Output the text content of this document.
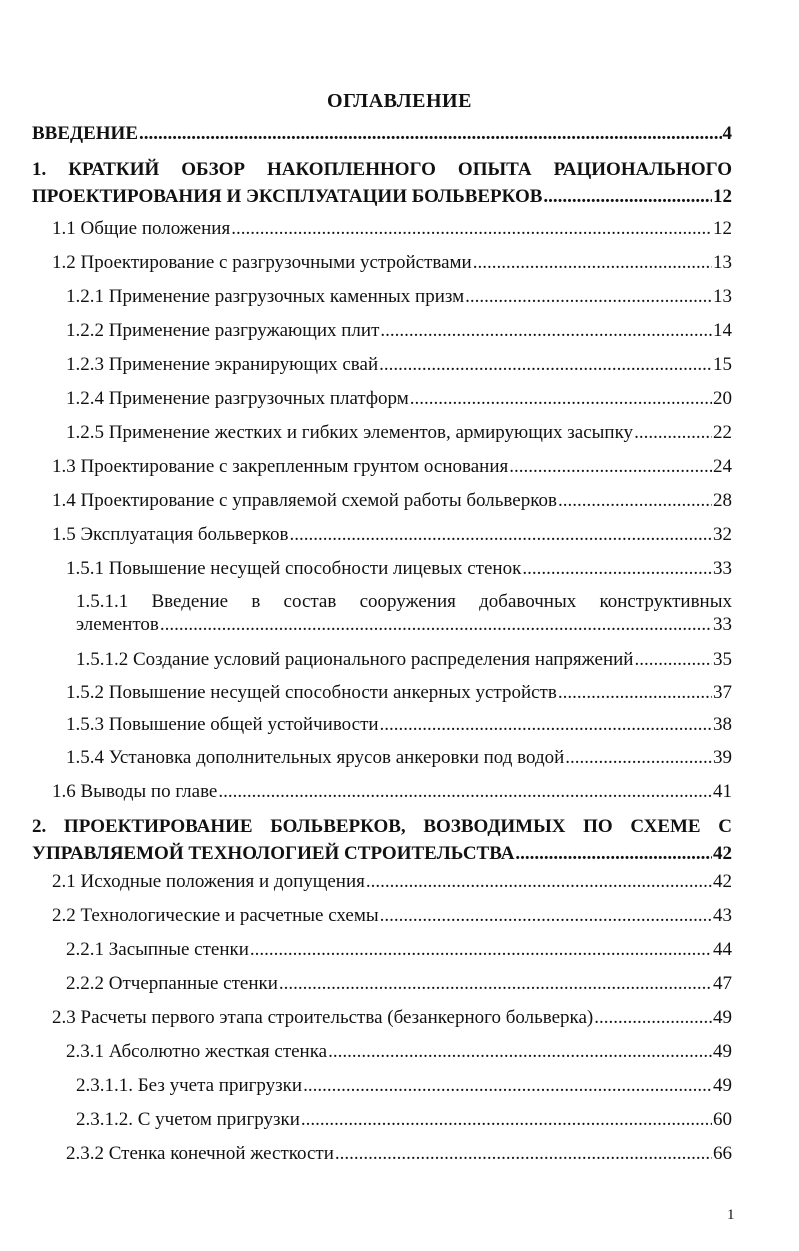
ОГЛАВЛЕНИЕ
ВВЕДЕНИЕ .....	4
1. КРАТКИЙ ОБЗОР НАКОПЛЕННОГО ОПЫТА РАЦИОНАЛЬНОГО
ПРОЕКТИРОВАНИЯ И ЭКСПЛУАТАЦИИ БОЛЬВЕРКОВ .....	12
1.1 Общие положения .....	12
1.2 Проектирование с разгрузочными устройствами .....	13
1.2.1 Применение разгрузочных каменных призм .....	13
1.2.2 Применение разгружающих плит .....	14
1.2.3 Применение экранирующих свай .....	15
1.2.4 Применение разгрузочных платформ .....	20
1.2.5 Применение жестких и гибких элементов, армирующих засыпку .....	22
1.3 Проектирование с закрепленным грунтом основания .....	24
1.4 Проектирование с управляемой схемой работы больверков .....	28
1.5 Эксплуатация больверков .....	32
1.5.1 Повышение несущей способности лицевых стенок .....	33
1.5.1.1 Введение в состав сооружения добавочных конструктивных
элементов .....	33
1.5.1.2 Создание условий рационального распределения напряжений .....	35
1.5.2 Повышение несущей способности анкерных устройств .....	37
1.5.3 Повышение общей устойчивости .....	38
1.5.4 Установка дополнительных ярусов анкеровки под водой .....	39
1.6 Выводы по главе .....	41
2. ПРОЕКТИРОВАНИЕ БОЛЬВЕРКОВ, ВОЗВОДИМЫХ ПО СХЕМЕ С
УПРАВЛЯЕМОЙ ТЕХНОЛОГИЕЙ СТРОИТЕЛЬСТВА .....	42
2.1 Исходные положения и допущения .....	42
2.2 Технологические и расчетные схемы .....	43
2.2.1 Засыпные стенки .....	44
2.2.2 Отчерпанные стенки .....	47
2.3 Расчеты первого этапа строительства (безанкерного больверка) .....	49
2.3.1 Абсолютно жесткая стенка .....	49
2.3.1.1. Без учета пригрузки .....	49
2.3.1.2. С учетом пригрузки .....	60
2.3.2 Стенка конечной жесткости .....	66
1
